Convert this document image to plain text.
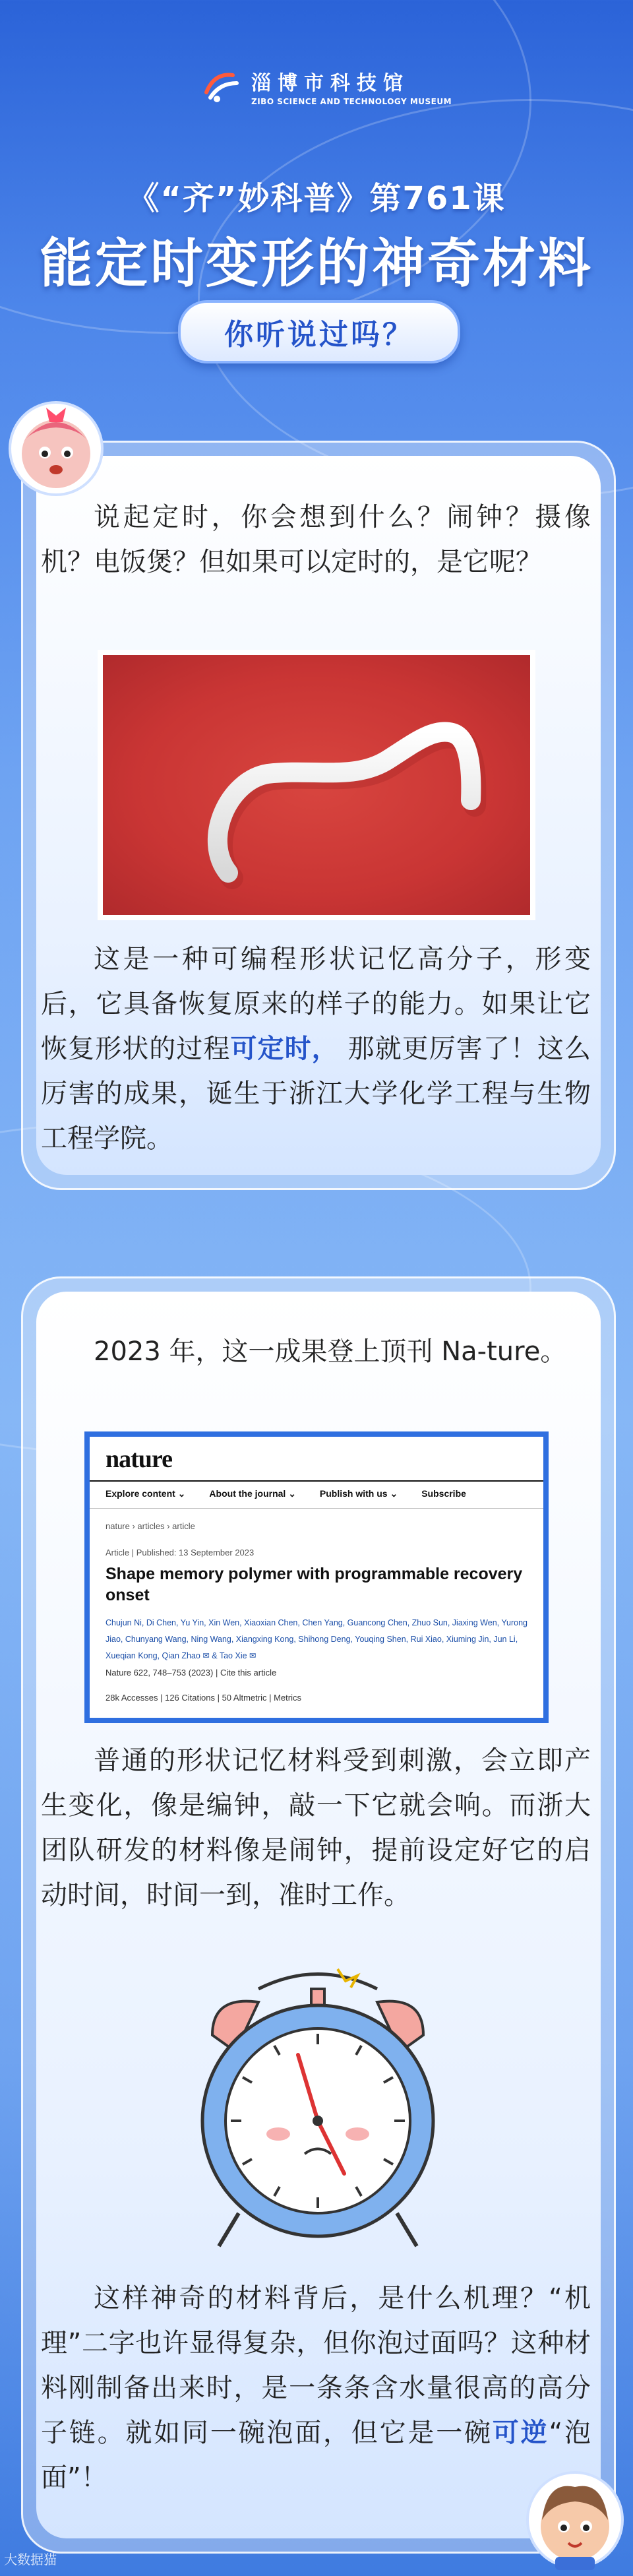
淄博市科技馆
ZIBO SCIENCE AND TECHNOLOGY MUSEUM
《“齐”妙科普》第761课
能定时变形的神奇材料
你听说过吗？
说起定时，你会想到什么？闹钟？摄像机？电饭煲？但如果可以定时的，是它呢？
这是一种可编程形状记忆高分子，形变后，它具备恢复原来的样子的能力。如果让它恢复形状的过程可定时， 那就更厉害了！这么厉害的成果，诞生于浙江大学化学工程与生物工程学院。
2023 年，这一成果登上顶刊 Na-ture。
nature
Explore content ⌄	About the journal ⌄	Publish with us ⌄	Subscribe
nature › articles › article
Article | Published: 13 September 2023
Shape memory polymer with programmable recovery onset
Chujun Ni, Di Chen, Yu Yin, Xin Wen, Xiaoxian Chen, Chen Yang, Guancong Chen, Zhuo Sun, Jiaxing Wen, Yurong Jiao, Chunyang Wang, Ning Wang, Xiangxing Kong, Shihong Deng, Youqing Shen, Rui Xiao, Xiuming Jin, Jun Li, Xueqian Kong, Qian Zhao ✉ & Tao Xie ✉
Nature 622, 748–753 (2023) | Cite this article
28k Accesses | 126 Citations | 50 Altmetric | Metrics
普通的形状记忆材料受到刺激，会立即产生变化，像是编钟，敲一下它就会响。而浙大团队研发的材料像是闹钟，提前设定好它的启动时间，时间一到，准时工作。
这样神奇的材料背后，是什么机理？“机理”二字也许显得复杂，但你泡过面吗？这种材料刚制备出来时，是一条条含水量很高的高分子链。就如同一碗泡面，但它是一碗可逆“泡面”！
大数据猫
